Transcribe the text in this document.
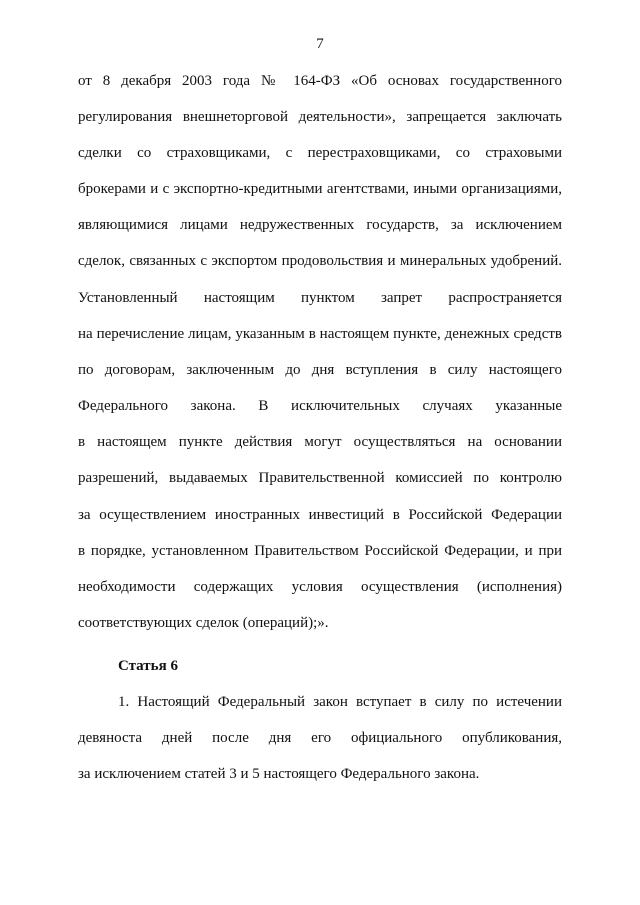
7
от 8 декабря 2003 года № 164-ФЗ «Об основах государственного
регулирования внешнеторговой деятельности», запрещается заключать
сделки со страховщиками, с перестраховщиками, со страховыми
брокерами и с экспортно-кредитными агентствами, иными организациями,
являющимися лицами недружественных государств, за исключением
сделок, связанных с экспортом продовольствия и минеральных удобрений.
Установленный настоящим пунктом запрет распространяется
на перечисление лицам, указанным в настоящем пункте, денежных средств
по договорам, заключенным до дня вступления в силу настоящего
Федерального закона. В исключительных случаях указанные
в настоящем пункте действия могут осуществляться на основании
разрешений, выдаваемых Правительственной комиссией по контролю
за осуществлением иностранных инвестиций в Российской Федерации
в порядке, установленном Правительством Российской Федерации, и при
необходимости содержащих условия осуществления (исполнения)
соответствующих сделок (операций);».
Статья 6
1. Настоящий Федеральный закон вступает в силу по истечении
девяноста дней после дня его официального опубликования,
за исключением статей 3 и 5 настоящего Федерального закона.
